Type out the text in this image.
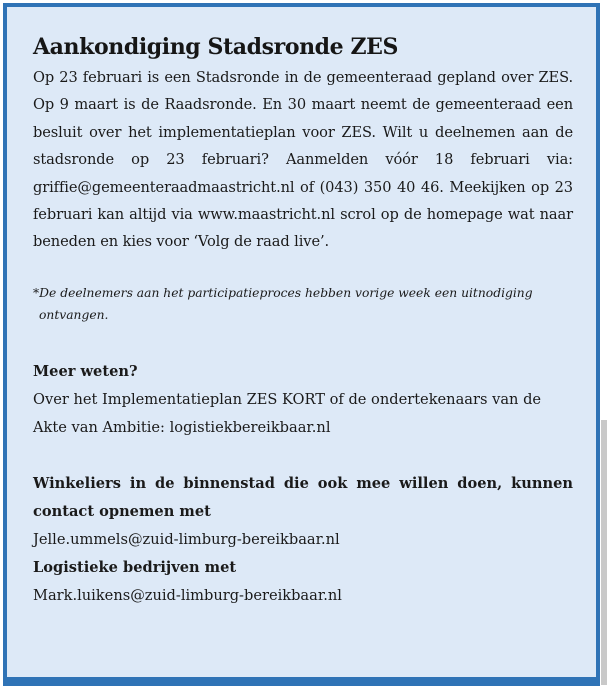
Aankondiging Stadsronde ZES

Op 23 februari is een Stadsronde in de gemeenteraad gepland over ZES. Op 9 maart is de Raadsronde. En 30 maart neemt de gemeenteraad een besluit over het implementatieplan voor ZES. Wilt u deelnemen aan de stadsronde op 23 februari? Aanmelden vóór 18 februari via: griffie@gemeenteraadmaastricht.nl of (043) 350 40 46. Meekijken op 23 februari kan altijd via www.maastricht.nl scrol op de homepage wat naar beneden en kies voor ‘Volg de raad live’.

*De deelnemers aan het participatieproces hebben vorige week een uitnodiging
ontvangen.

Meer weten?

Over het Implementatieplan ZES KORT of de ondertekenaars van de Akte van Ambitie: logistiekbereikbaar.nl

Winkeliers in de binnenstad die ook mee willen doen, kunnen contact opnemen met

Jelle.ummels@zuid-limburg-bereikbaar.nl

Logistieke bedrijven met

Mark.luikens@zuid-limburg-bereikbaar.nl
